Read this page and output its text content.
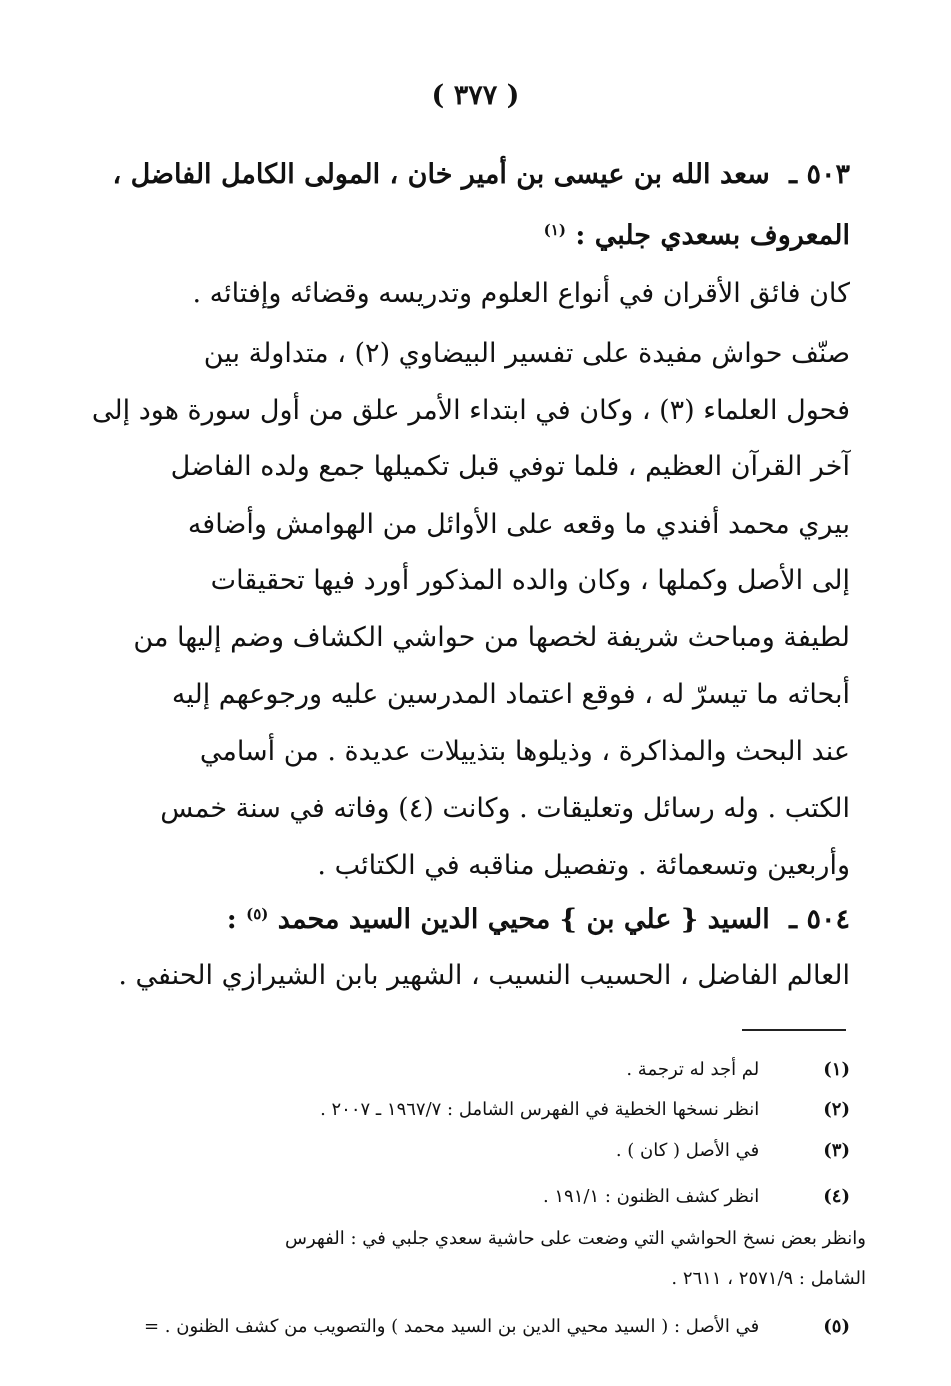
( ٣٧٧ )
٥٠٣ ـ سعد الله بن عيسى بن أمير خان ، المولى الكامل الفاضل ،
المعروف بسعدي جلبي : $^{(١)}$
كان فائق الأقران في أنواع العلوم وتدريسه وقضائه وإفتائه .
صنّف حواش مفيدة على تفسير البيضاوي (٢) ، متداولة بين
فحول العلماء (٣) ، وكان في ابتداء الأمر علق من أول سورة هود إلى
آخر القرآن العظيم ، فلما توفي قبل تكميلها جمع ولده الفاضل
بيري محمد أفندي ما وقعه على الأوائل من الهوامش وأضافه
إلى الأصل وكملها ، وكان والده المذكور أورد فيها تحقيقات
لطيفة ومباحث شريفة لخصها من حواشي الكشاف وضم إليها من
أبحاثه ما تيسرّ له ، فوقع اعتماد المدرسين عليه ورجوعهم إليه
عند البحث والمذاكرة ، وذيلوها بتذييلات عديدة . من أسامي
الكتب . وله رسائل وتعليقات . وكانت (٤) وفاته في سنة خمس
وأربعين وتسعمائة . وتفصيل مناقبه في الكتائب .
٥٠٤ ـ السيد { علي بن } محيي الدين السيد محمد $^{(٥)}$ :
العالم الفاضل ، الحسيب النسيب ، الشهير بابن الشيرازي الحنفي .
(١) لم أجد له ترجمة .
(٢) انظر نسخها الخطية في الفهرس الشامل : ١٩٦٧/٧ ـ ٢٠٠٧ .
(٣) في الأصل ( كان ) .
(٤) انظر كشف الظنون : ١٩١/١ .
وانظر بعض نسخ الحواشي التي وضعت على حاشية سعدي جلبي في : الفهرس
الشامل : ٢٥٧١/٩ ، ٢٦١١ .
(٥) في الأصل : ( السيد محيي الدين بن السيد محمد ) والتصويب من كشف الظنون . =
